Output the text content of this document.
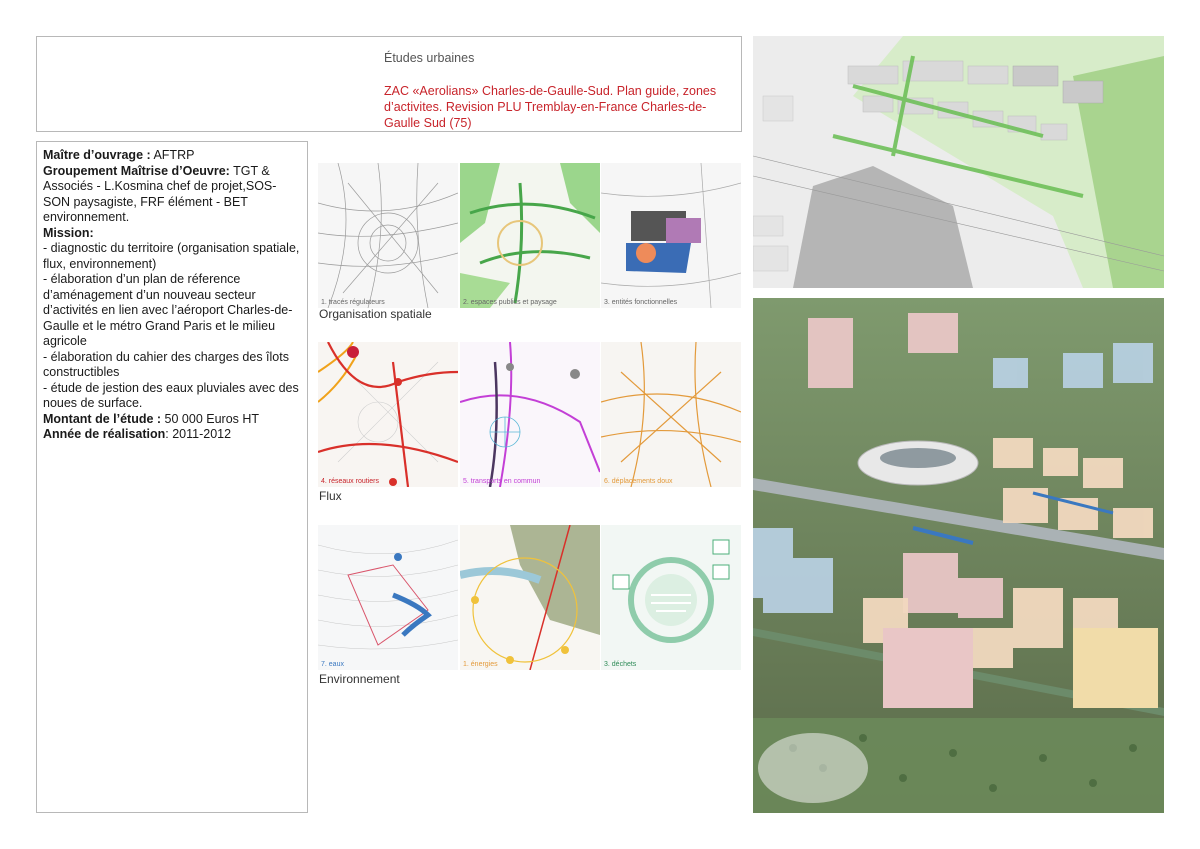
Études urbaines
ZAC «Aerolians» Charles-de-Gaulle-Sud. Plan guide, zones d’activites. Revision PLU Tremblay-en-France Charles-de-Gaulle Sud (75)
Maître d’ouvrage : AFTRP
Groupement Maîtrise d’Oeuvre: TGT & Associés - L.Kosmina chef de projet,SOS-SON paysagiste, FRF élément - BET environnement.
Mission:
- diagnostic du territoire (organisation spatiale, flux, environnement)
- élaboration d’un plan de réference d’aménagement d’un nouveau secteur d’activités en lien avec l’aéroport Charles-de-Gaulle et le métro Grand Paris et le milieu agricole
- élaboration du cahier des charges des îlots constructibles
- étude de jestion des eaux pluviales avec des noues de surface.
Montant de l’étude : 50 000 Euros HT
Année de réalisation: 2011-2012
1. tracés régulateurs	2. espaces publics et paysage	3. entités fonctionnelles
Organisation spatiale
4. réseaux routiers	5. transports en commun	6. déplacements doux
Flux
7. eaux	1. énergies	3. déchets
Environnement
